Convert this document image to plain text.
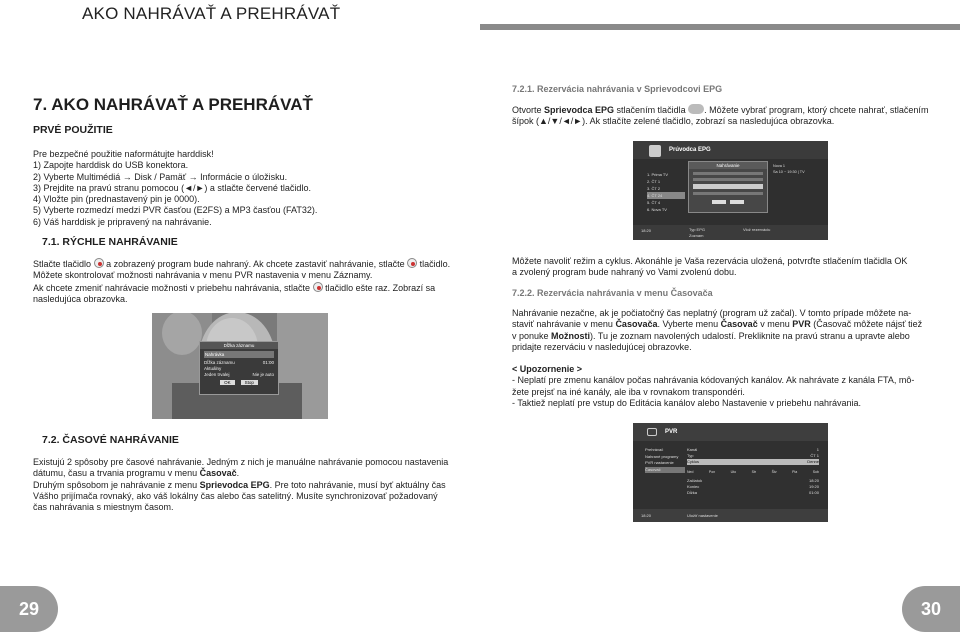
AKO NAHRÁVAŤ A PREHRÁVAŤ
7. AKO NAHRÁVAŤ A PREHRÁVAŤ
PRVÉ POUŽITIE

Pre bezpečné použitie naformátujte harddisk!

1) Zapojte harddisk do USB konektora.

2) Vyberte Multimédiá → Disk / Pamäť → Informácie o úložisku.

3) Prejdite na pravú stranu pomocou (◄/►) a stlačte červené tlačidlo.

4) Vložte pin (prednastavený pin je 0000).

5) Vyberte rozmedzí medzi PVR časťou (E2FS) a MP3 časťou (FAT32).

6) Váš harddisk je pripravený na nahrávanie.

7.1. RÝCHLE NAHRÁVANIE

Stlačte tlačidlo a zobrazený program bude nahraný. Ak chcete zastaviť nahrávanie, stlačte tlačidlo.

Môžete skontrolovať možnosti nahrávania v menu PVR nastavenia v menu Záznamy.

Ak chcete zmeniť nahrávacie možnosti v priebehu nahrávania, stlačte tlačidlo ešte raz. Zobrazí sa

nasledujúca obrazovka.

Dĺžka záznamu
Nahrávka
Dĺžka záznamu	01:00
Aktuálny
Jeden trvalej	Nie je auto
OK	Stop
7.2. ČASOVÉ NAHRÁVANIE

Existujú 2 spôsoby pre časové nahrávanie. Jedným z nich je manuálne nahrávanie pomocou nastavenia

dátumu, času a trvania programu v menu Časovač.

Druhým spôsobom je nahrávanie z menu Sprievodca EPG. Pre toto nahrávanie, musí byť aktuálny čas

Vášho prijímača rovnaký, ako váš lokálny čas alebo čas satelitný. Musíte synchronizovať požadovaný

čas nahrávania s miestnym časom.

29
7.2.1. Rezervácia nahrávania v Sprievodcovi EPG

Otvorte Sprievodca EPG stlačením tlačidla . Môžete vybrať program, ktorý chcete nahrať, stlačením

šípok (▲/▼/◄/►). Ak stlačíte zelené tlačidlo, zobrazí sa nasledujúca obrazovka.

Prúvodca EPG
1. Prima TV
2. ČT 1
3. ČT 2
4. ČT 24
5. ČT 4
6. Nova TV
Nahrávanie	Nova 1
Sa 10 ~ 19:30 | TV
18:20	Typ EPG
Zoznam
Vlož rezerváciu

Môžete navoliť režim a cyklus. Akonáhle je Vaša rezervácia uložená, potvrďte stlačením tlačidla OK

a zvolený program bude nahraný vo Vami zvolenú dobu.

7.2.2. Rezervácia nahrávania v menu Časovača

Nahrávanie nezačne, ak je počiatočný čas neplatný (program už začal). V tomto prípade môžete na-

staviť nahrávanie v menu Časovača. Vyberte menu Časovač v menu PVR (Časovač môžete nájsť tiež

v ponuke Možnosti). Tu je zoznam navolených udalostí. Prekliknite na pravú stranu a upravte alebo

pridajte rezerváciu v nasledujúcej obrazovke.

< Upozornenie >

- Neplatí pre zmenu kanálov počas nahrávania kódovaných kanálov. Ak nahrávate z kanála FTA, mô-

žete prejsť na iné kanály, ale iba v rovnakom transpondéri.

- Taktiež neplatí pre vstup do Editácia kanálov alebo Nastavenie v priebehu nahrávania.

PVR
Prehrávač
Nahrané programy
PVR nastavenie
Časovač
Kanál	1
Typ	ČT 1
Cyklus	Denne
Ned	Pon	Uto	Str	Štv	Pia	Sob
Začiatok	18:20
Koniec	19:20
Dĺžka	01:00
18:20	Uložiť nastavenie
30
